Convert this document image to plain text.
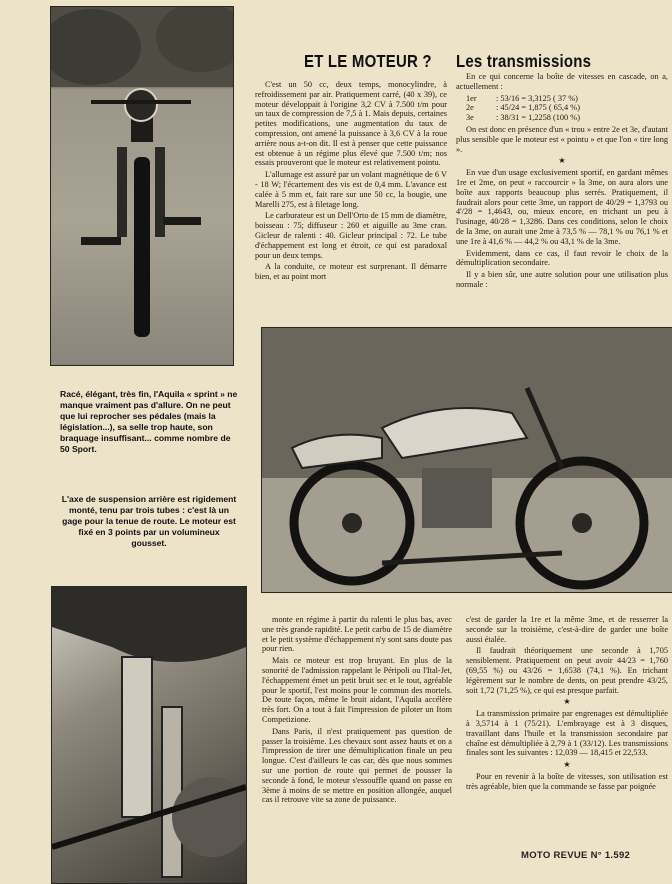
ET LE MOTEUR ? Les transmissions

C'est un 50 cc, deux temps, monocylindre, à refroidissement par air. Pratiquement carré, (40 x 39), ce moteur développait à l'origine 3,2 CV à 7.500 t/m pour un taux de compression de 7,5 à 1. Mais depuis, certaines petites modifications, une augmentation du taux de compression, ont amené la puissance à 3,6 CV à la roue arrière nous a-t-on dit. Il est à penser que cette puissance est obtenue à un régime plus élevé que 7.500 t/m; nos essais prouveront que le moteur est relativement pointu.

L'allumage est assuré par un volant magnétique de 6 V - 18 W; l'écartement des vis est de 0,4 mm. L'avance est calée à 5 mm et, fait rare sur une 50 cc, la bougie, une Marelli 275, est à filetage long.

Le carburateur est un Dell'Orto de 15 mm de diamètre, boisseau : 75; diffuseur : 260 et aiguille au 3me cran. Gicleur de ralenti : 40. Gicleur principal : 72. Le tube d'échappement est long et étroit, ce qui est paradoxal pour un deux temps.

A la conduite, ce moteur est surprenant. Il démarre bien, et au point mort

En ce qui concerne la boîte de vitesses en cascade, on a, actuellement :

1er	: 53/16 = 3,3125 ( 37 %)
2e	: 45/24 = 1,875 ( 65,4 %)
3e	: 38/31 = 1,2258 (100 %)

On est donc en présence d'un « trou » entre 2e et 3e, d'autant plus sensible que le moteur est « pointu » et que l'on « tire long ».

★

En vue d'un usage exclusivement sportif, en gardant mêmes 1re et 2me, on peut « raccourcir » la 3me, on aura alors une boîte aux rapports beaucoup plus serrés. Pratiquement, il faudrait alors pour cette 3me, un rapport de 40/29 = 1,3793 ou 4'/28 = 1,4643, ou, mieux encore, en trichant un peu à l'usinage, 40/28 = 1,3286. Dans ces conditions, selon le choix de la 3me, on aurait une 2me à 73,5 % — 78,1 % ou 76,1 % et une 1re à 41,6 % — 44,2 % ou 43,1 % de la 3me.

Evidemment, dans ce cas, il faut revoir le choix de la démultiplication secondaire.

Il y a bien sûr, une autre solution pour une utilisation plus normale :

Racé, élégant, très fin, l'Aquila « sprint » ne manque vraiment pas d'allure. On ne peut que lui reprocher ses pédales (mais la législation...), sa selle trop haute, son braquage insuffisant... comme nombre de 50 Sport.
L'axe de suspension arrière est rigidement monté, tenu par trois tubes : c'est là un gage pour la tenue de route. Le moteur est fixé en 3 points par un volumineux gousset.

monte en régime à partir du ralenti le plus bas, avec une très grande rapidité. Le petit carbu de 15 de diamètre et le petit système d'échappement n'y sont sans doute pas pour rien.

Mais ce moteur est trop bruyant. En plus de la sonorité de l'admission rappelant le Péripoli ou l'Ital-Jet, l'échappement émet un petit bruit sec et le tout, agréable pour le sportif, l'est moins pour le commun des mortels. De toute façon, même le bruit aidant, l'Aquila accélère très fort. On a tout à fait l'impression de piloter un Itom Competizione.

Dans Paris, il n'est pratiquement pas question de passer la troisième. Les chevaux sont assez hauts et on a l'impression de tirer une démultiplication finale un peu longue. C'est d'ailleurs le cas car, dès que nous sommes sur une portion de route qui permet de pousser la seconde à fond, le moteur s'essouffle quand on passe en 3ème à moins de se mettre en position allongée, auquel cas il retrouve vite sa zone de puissance.

c'est de garder la 1re et la même 3me, et de resserrer la seconde sur la troisième, c'est-à-dire de garder une boîte aussi étalée.

Il faudrait théoriquement une seconde à 1,705 sensiblement. Pratiquement on peut avoir 44/23 = 1,760 (69,55 %) ou 43/26 = 1,6538 (74,1 %). En trichant légèrement sur le nombre de dents, on peut prendre 43/25, soit 1,72 (71,25 %), ce qui est presque parfait.

★

La transmission primaire par engrenages est démultipliée à 3,5714 à 1 (75/21). L'embrayage est à 3 disques, travaillant dans l'huile et la transmission secondaire par chaîne est démultipliée à 2,79 à 1 (33/12). Les transmissions finales sont les suivantes : 12,039 — 18,415 et 22,533.

★

Pour en revenir à la boîte de vitesses, son utilisation est très agréable, bien que la commande se fasse par poignée

MOTO REVUE N° 1.592
